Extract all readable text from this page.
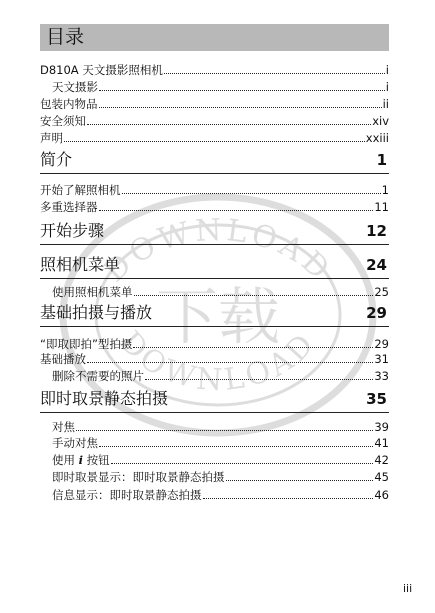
DOWNLOAD
下载
DOWNLOAD
目录
D810A 天文摄影照相机	i
天文摄影	i
包装内物品	ii
安全须知	xiv
声明	xxiii
简介	1
开始了解照相机	1
多重选择器	11
开始步骤	12
照相机菜单	24
使用照相机菜单	25
基础拍摄与播放	29
“即取即拍”型拍摄	29
基础播放	31
删除不需要的照片	33
即时取景静态拍摄	35
对焦	39
手动对焦	41
使用 i 按钮	42
即时取景显示：即时取景静态拍摄	45
信息显示：即时取景静态拍摄	46
iii
